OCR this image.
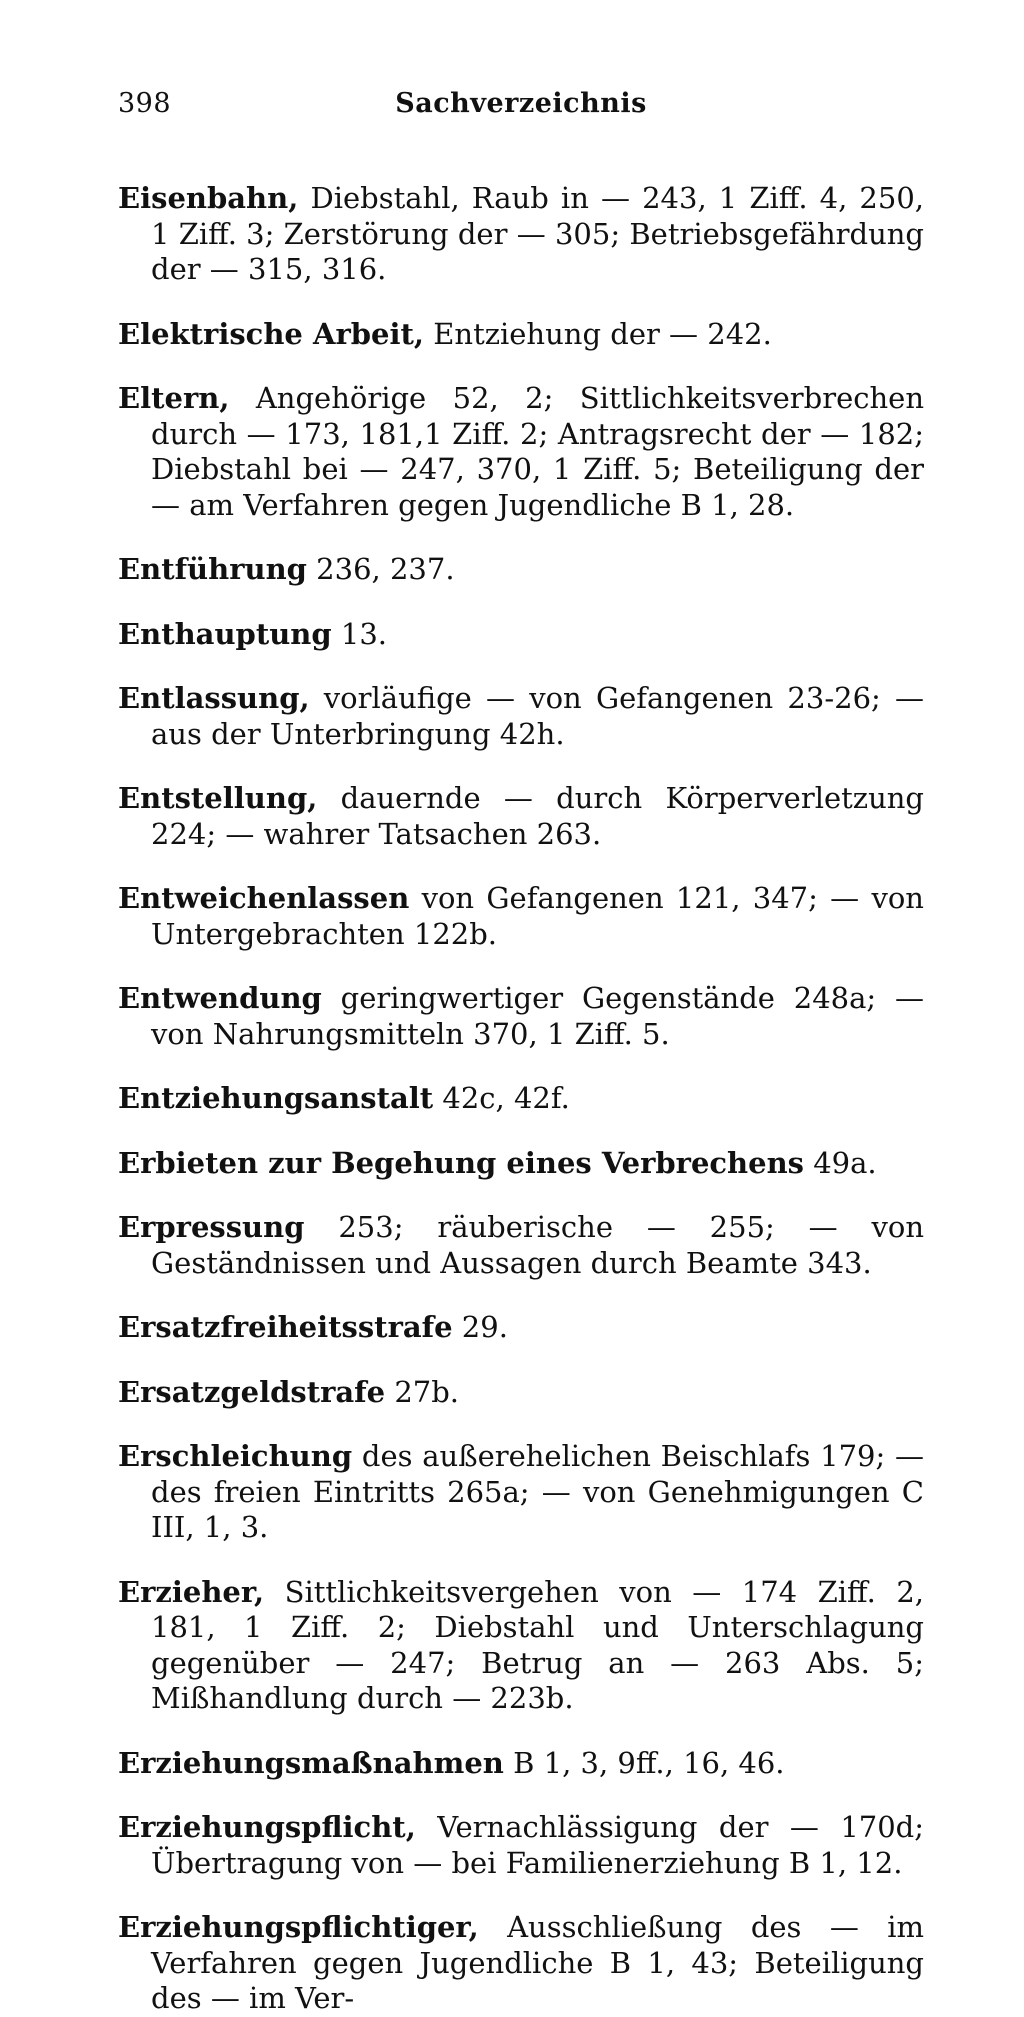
398	Sachverzeichnis

Eisenbahn, Diebstahl, Raub in — 243, 1 Ziff. 4, 250, 1 Ziff. 3; Zerstörung der — 305; Betriebsgefährdung der — 315, 316.

Elektrische Arbeit, Entziehung der — 242.

Eltern, Angehörige 52, 2; Sittlichkeitsverbrechen durch — 173, 181,1 Ziff. 2; Antragsrecht der — 182; Diebstahl bei — 247, 370, 1 Ziff. 5; Beteiligung der — am Verfahren gegen Jugendliche B 1, 28.

Entführung 236, 237.

Enthauptung 13.

Entlassung, vorläufige — von Gefangenen 23-26; — aus der Unterbringung 42h.

Entstellung, dauernde — durch Körperverletzung 224; — wahrer Tatsachen 263.

Entweichenlassen von Gefangenen 121, 347; — von Untergebrachten 122b.

Entwendung geringwertiger Gegenstände 248a; — von Nahrungsmitteln 370, 1 Ziff. 5.

Entziehungsanstalt 42c, 42f.

Erbieten zur Begehung eines Verbrechens 49a.

Erpressung 253; räuberische — 255; — von Geständnissen und Aussagen durch Beamte 343.

Ersatzfreiheitsstrafe 29.

Ersatzgeldstrafe 27b.

Erschleichung des außerehelichen Beischlafs 179; — des freien Eintritts 265a; — von Genehmigungen C III, 1, 3.

Erzieher, Sittlichkeitsvergehen von — 174 Ziff. 2, 181, 1 Ziff. 2; Diebstahl und Unterschlagung gegenüber — 247; Betrug an — 263 Abs. 5; Mißhandlung durch — 223b.

Erziehungsmaßnahmen B 1, 3, 9ff., 16, 46.

Erziehungspflicht, Vernachlässigung der — 170d; Übertragung von — bei Familienerziehung B 1, 12.

Erziehungspflichtiger, Ausschließung des — im Verfahren gegen Jugendliche B 1, 43; Beteiligung des — im Ver-
